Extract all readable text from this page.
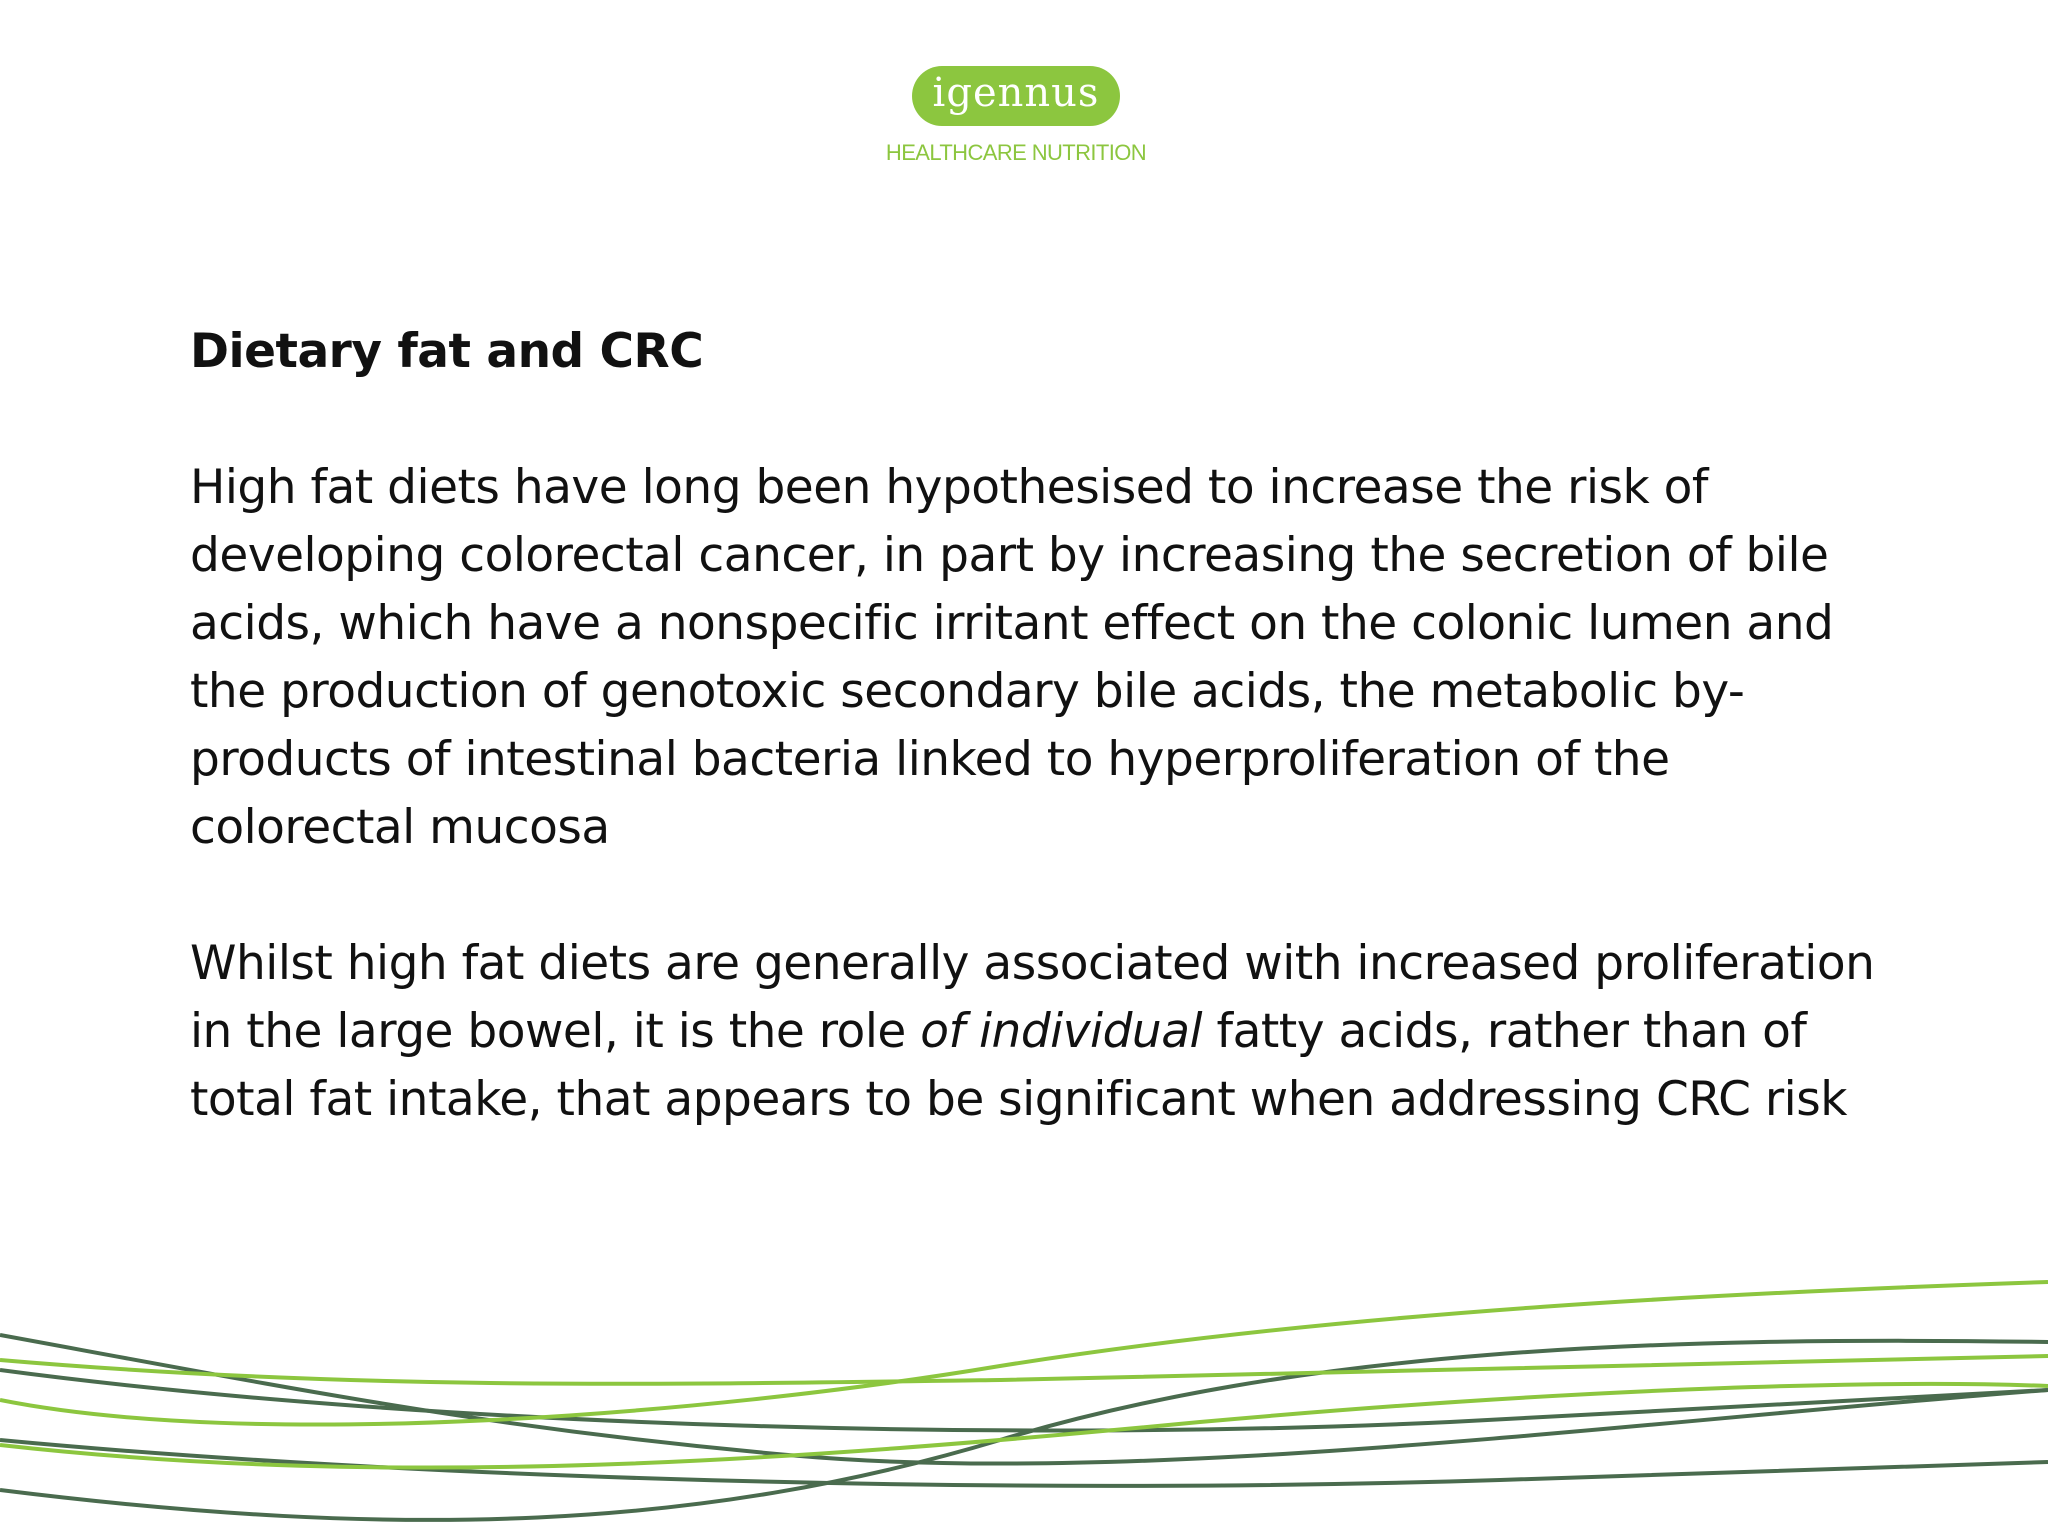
igennus
HEALTHCARE NUTRITION

Dietary fat and CRC

High fat diets have long been hypothesised to increase the risk of developing colorectal cancer, in part by increasing the secretion of bile acids, which have a nonspecific irritant effect on the colonic lumen and the production of genotoxic secondary bile acids, the metabolic by-products of intestinal bacteria linked to hyperproliferation of the colorectal mucosa

Whilst high fat diets are generally associated with increased proliferation in the large bowel, it is the role of individual fatty acids, rather than of total fat intake, that appears to be significant when addressing CRC risk
